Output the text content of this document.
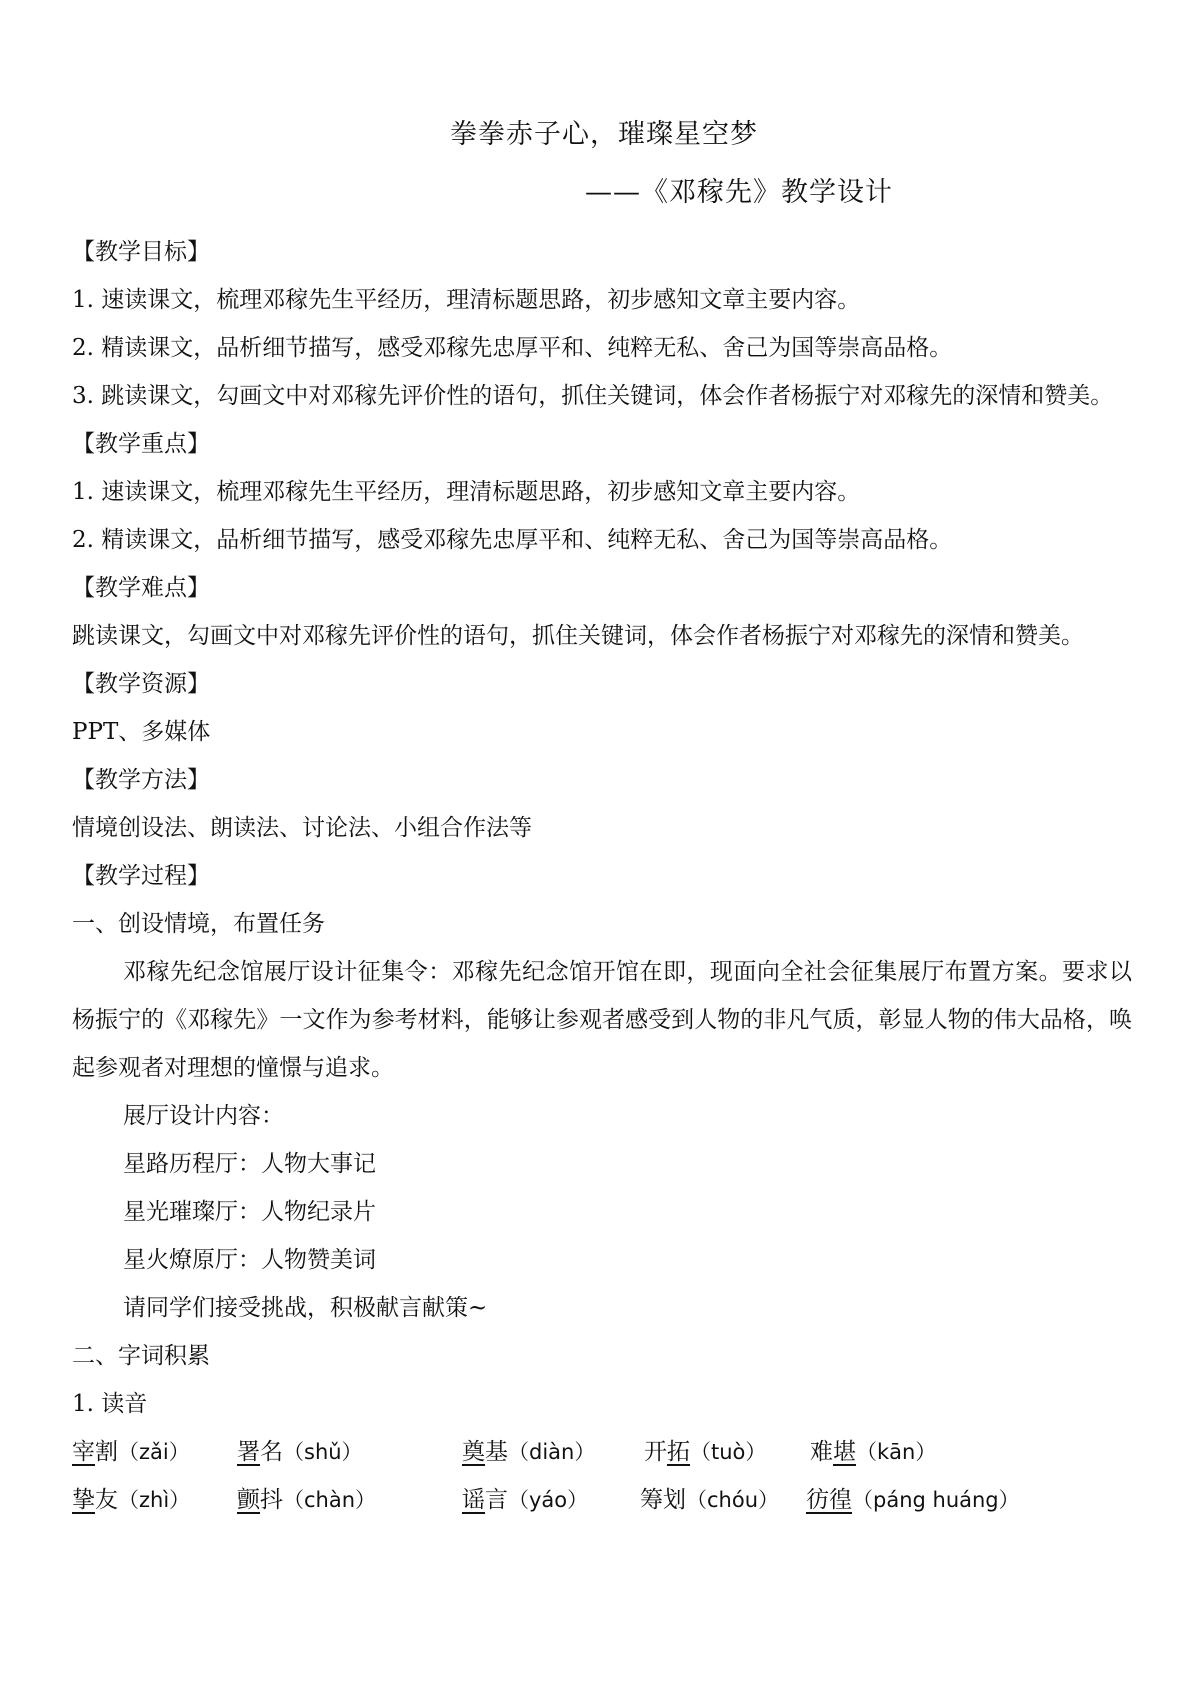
拳拳赤子心，璀璨星空梦
——《邓稼先》教学设计

【教学目标】

1. 速读课文，梳理邓稼先生平经历，理清标题思路，初步感知文章主要内容。

2. 精读课文，品析细节描写，感受邓稼先忠厚平和、纯粹无私、舍己为国等崇高品格。

3. 跳读课文，勾画文中对邓稼先评价性的语句，抓住关键词，体会作者杨振宁对邓稼先的深情和赞美。

【教学重点】

1. 速读课文，梳理邓稼先生平经历，理清标题思路，初步感知文章主要内容。

2. 精读课文，品析细节描写，感受邓稼先忠厚平和、纯粹无私、舍己为国等崇高品格。

【教学难点】

跳读课文，勾画文中对邓稼先评价性的语句，抓住关键词，体会作者杨振宁对邓稼先的深情和赞美。

【教学资源】

PPT、多媒体

【教学方法】

情境创设法、朗读法、讨论法、小组合作法等

【教学过程】

一、创设情境，布置任务

邓稼先纪念馆展厅设计征集令：邓稼先纪念馆开馆在即，现面向全社会征集展厅布置方案。要求以杨振宁的《邓稼先》一文作为参考材料，能够让参观者感受到人物的非凡气质，彰显人物的伟大品格，唤起参观者对理想的憧憬与追求。

展厅设计内容：

星路历程厅：人物大事记

星光璀璨厅：人物纪录片

星火燎原厅：人物赞美词

请同学们接受挑战，积极献言献策~

二、字词积累

1. 读音

宰割（zǎi） 署名（shǔ）	奠基（diàn） 开拓（tuò） 难堪（kān）
挚友（zhì） 颤抖（chàn）	谣言（yáo） 筹划（chóu） 彷徨（páng huáng）
